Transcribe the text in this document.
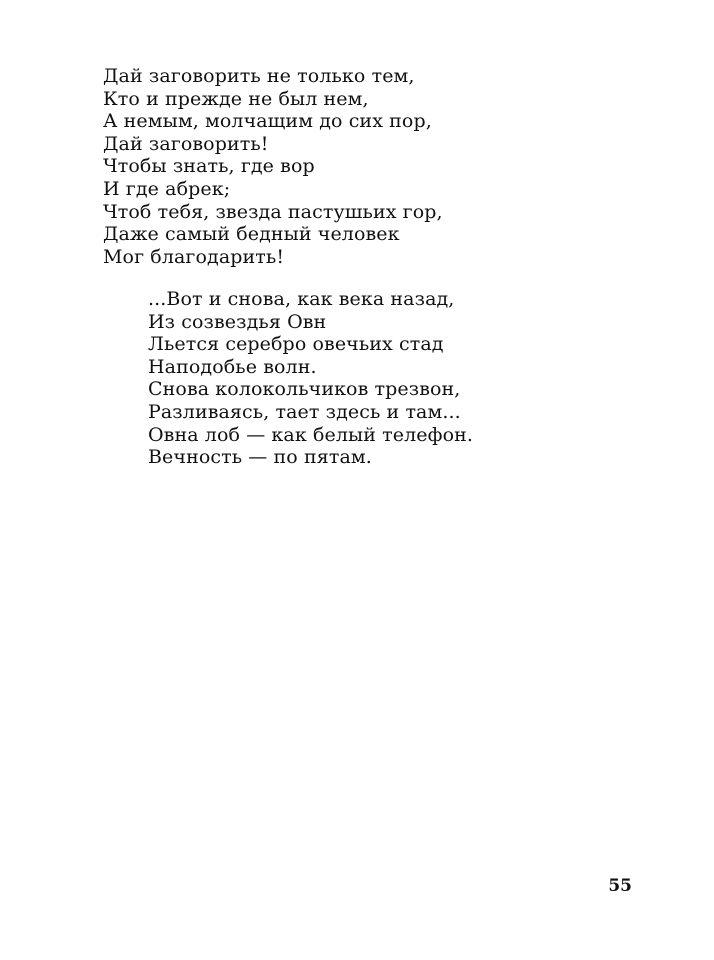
Дай заговорить не только тем,
Кто и прежде не был нем,
А немым, молчащим до сих пор,
Дай заговорить!
Чтобы знать, где вор
И где абрек;
Чтоб тебя, звезда пастушьих гор,
Даже самый бедный человек
Мог благодарить!
...Вот и снова, как века назад,
Из созвездья Овн
Льется серебро овечьих стад
Наподобье волн.
Снова колокольчиков трезвон,
Разливаясь, тает здесь и там...
Овна лоб — как белый телефон.
Вечность — по пятам.
55
